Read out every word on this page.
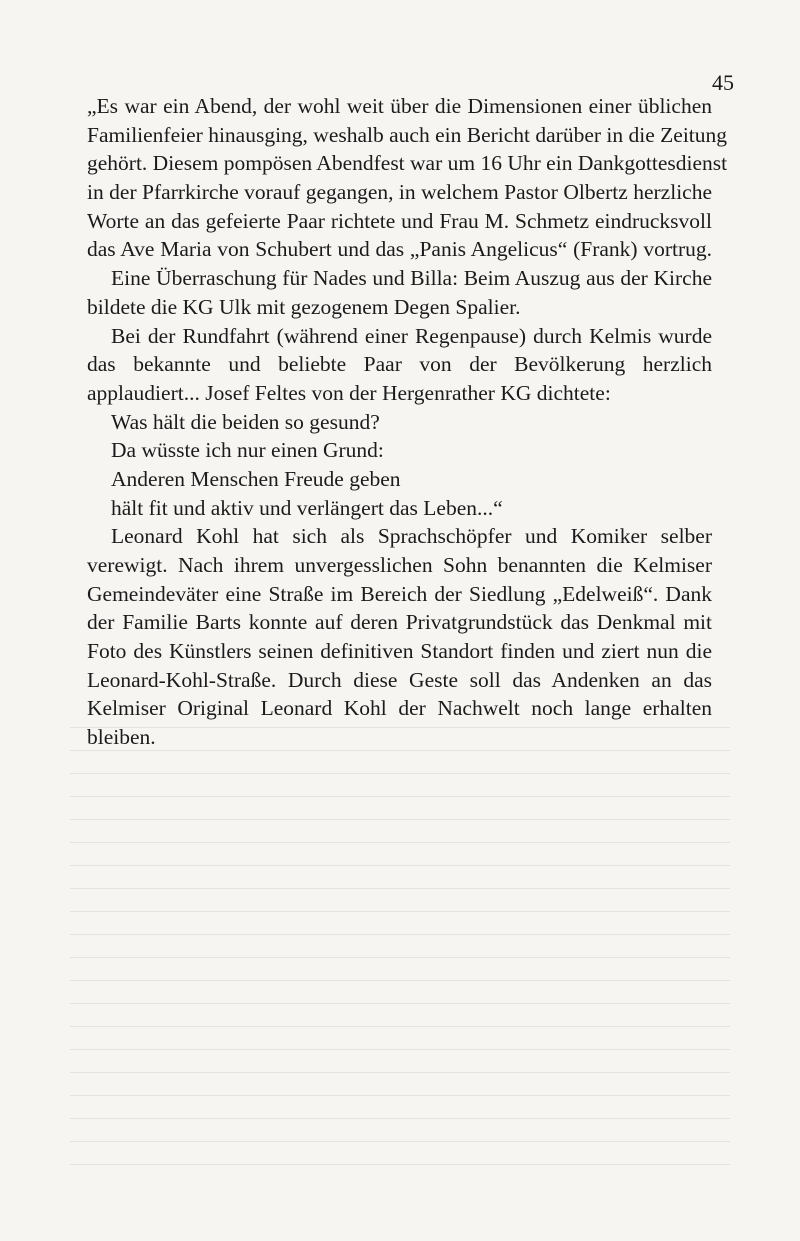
45
„Es war ein Abend, der wohl weit über die Dimensionen einer üblichen
Familienfeier hinausging, weshalb auch ein Bericht darüber in die Zeitung
gehört. Diesem pompösen Abendfest war um 16 Uhr ein Dankgottesdienst
in der Pfarrkirche vorauf gegangen, in welchem Pastor Olbertz herzliche
Worte an das gefeierte Paar richtete und Frau M. Schmetz eindrucksvoll
das Ave Maria von Schubert und das „Panis Angelicus“ (Frank) vortrug.
Eine Überraschung für Nades und Billa: Beim Auszug aus der Kirche
bildete die KG Ulk mit gezogenem Degen Spalier.
Bei der Rundfahrt (während einer Regenpause) durch Kelmis wurde
das bekannte und beliebte Paar von der Bevölkerung herzlich
applaudiert... Josef Feltes von der Hergenrather KG dichtete:
Was hält die beiden so gesund?
Da wüsste ich nur einen Grund:
Anderen Menschen Freude geben
hält fit und aktiv und verlängert das Leben...“
Leonard Kohl hat sich als Sprachschöpfer und Komiker selber
verewigt. Nach ihrem unvergesslichen Sohn benannten die Kelmiser
Gemeindeväter eine Straße im Bereich der Siedlung „Edelweiß“. Dank
der Familie Barts konnte auf deren Privatgrundstück das Denkmal mit
Foto des Künstlers seinen definitiven Standort finden und ziert nun die
Leonard-Kohl-Straße. Durch diese Geste soll das Andenken an das
Kelmiser Original Leonard Kohl der Nachwelt noch lange erhalten
bleiben.
